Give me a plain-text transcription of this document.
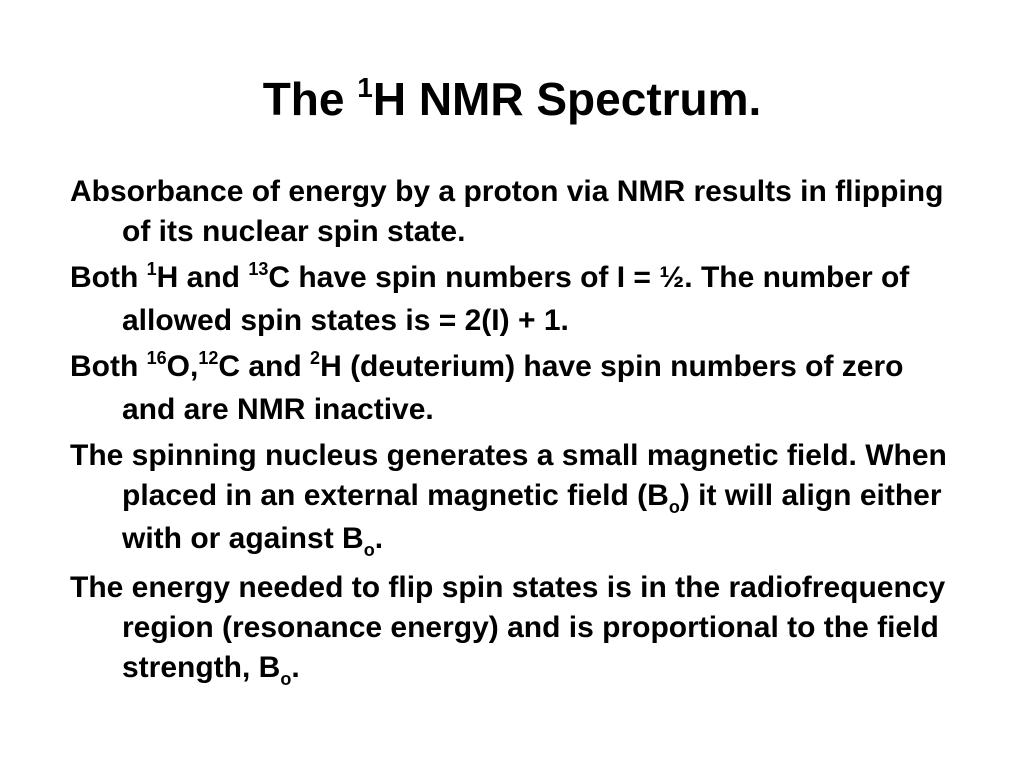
The $^1$H NMR Spectrum.

Absorbance of energy by a proton via NMR results in flipping of its nuclear spin state.

Both $^1$H and $^{13}$C have spin numbers of I = ½. The number of allowed spin states is = 2(I) + 1.

Both $^{16}$O,$^{12}$C and $^2$H (deuterium) have spin numbers of zero and are NMR inactive.

The spinning nucleus generates a small magnetic field. When placed in an external magnetic field $(B_o)$ it will align either with or against $B_o$.

The energy needed to flip spin states is in the radiofrequency region (resonance energy) and is proportional to the field strength, $B_o$.
